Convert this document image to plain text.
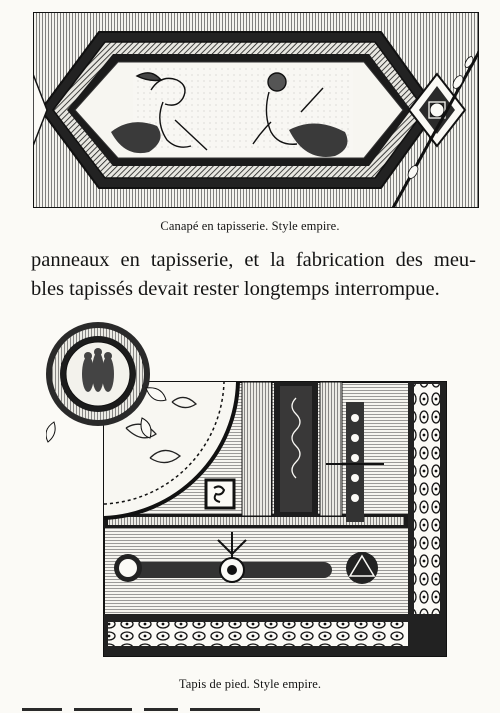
Canapé en tapisserie. Style empire.
panneaux en tapisserie, et la fabrication des meu-
bles tapissés devait rester longtemps interrompue.
Tapis de pied. Style empire.
